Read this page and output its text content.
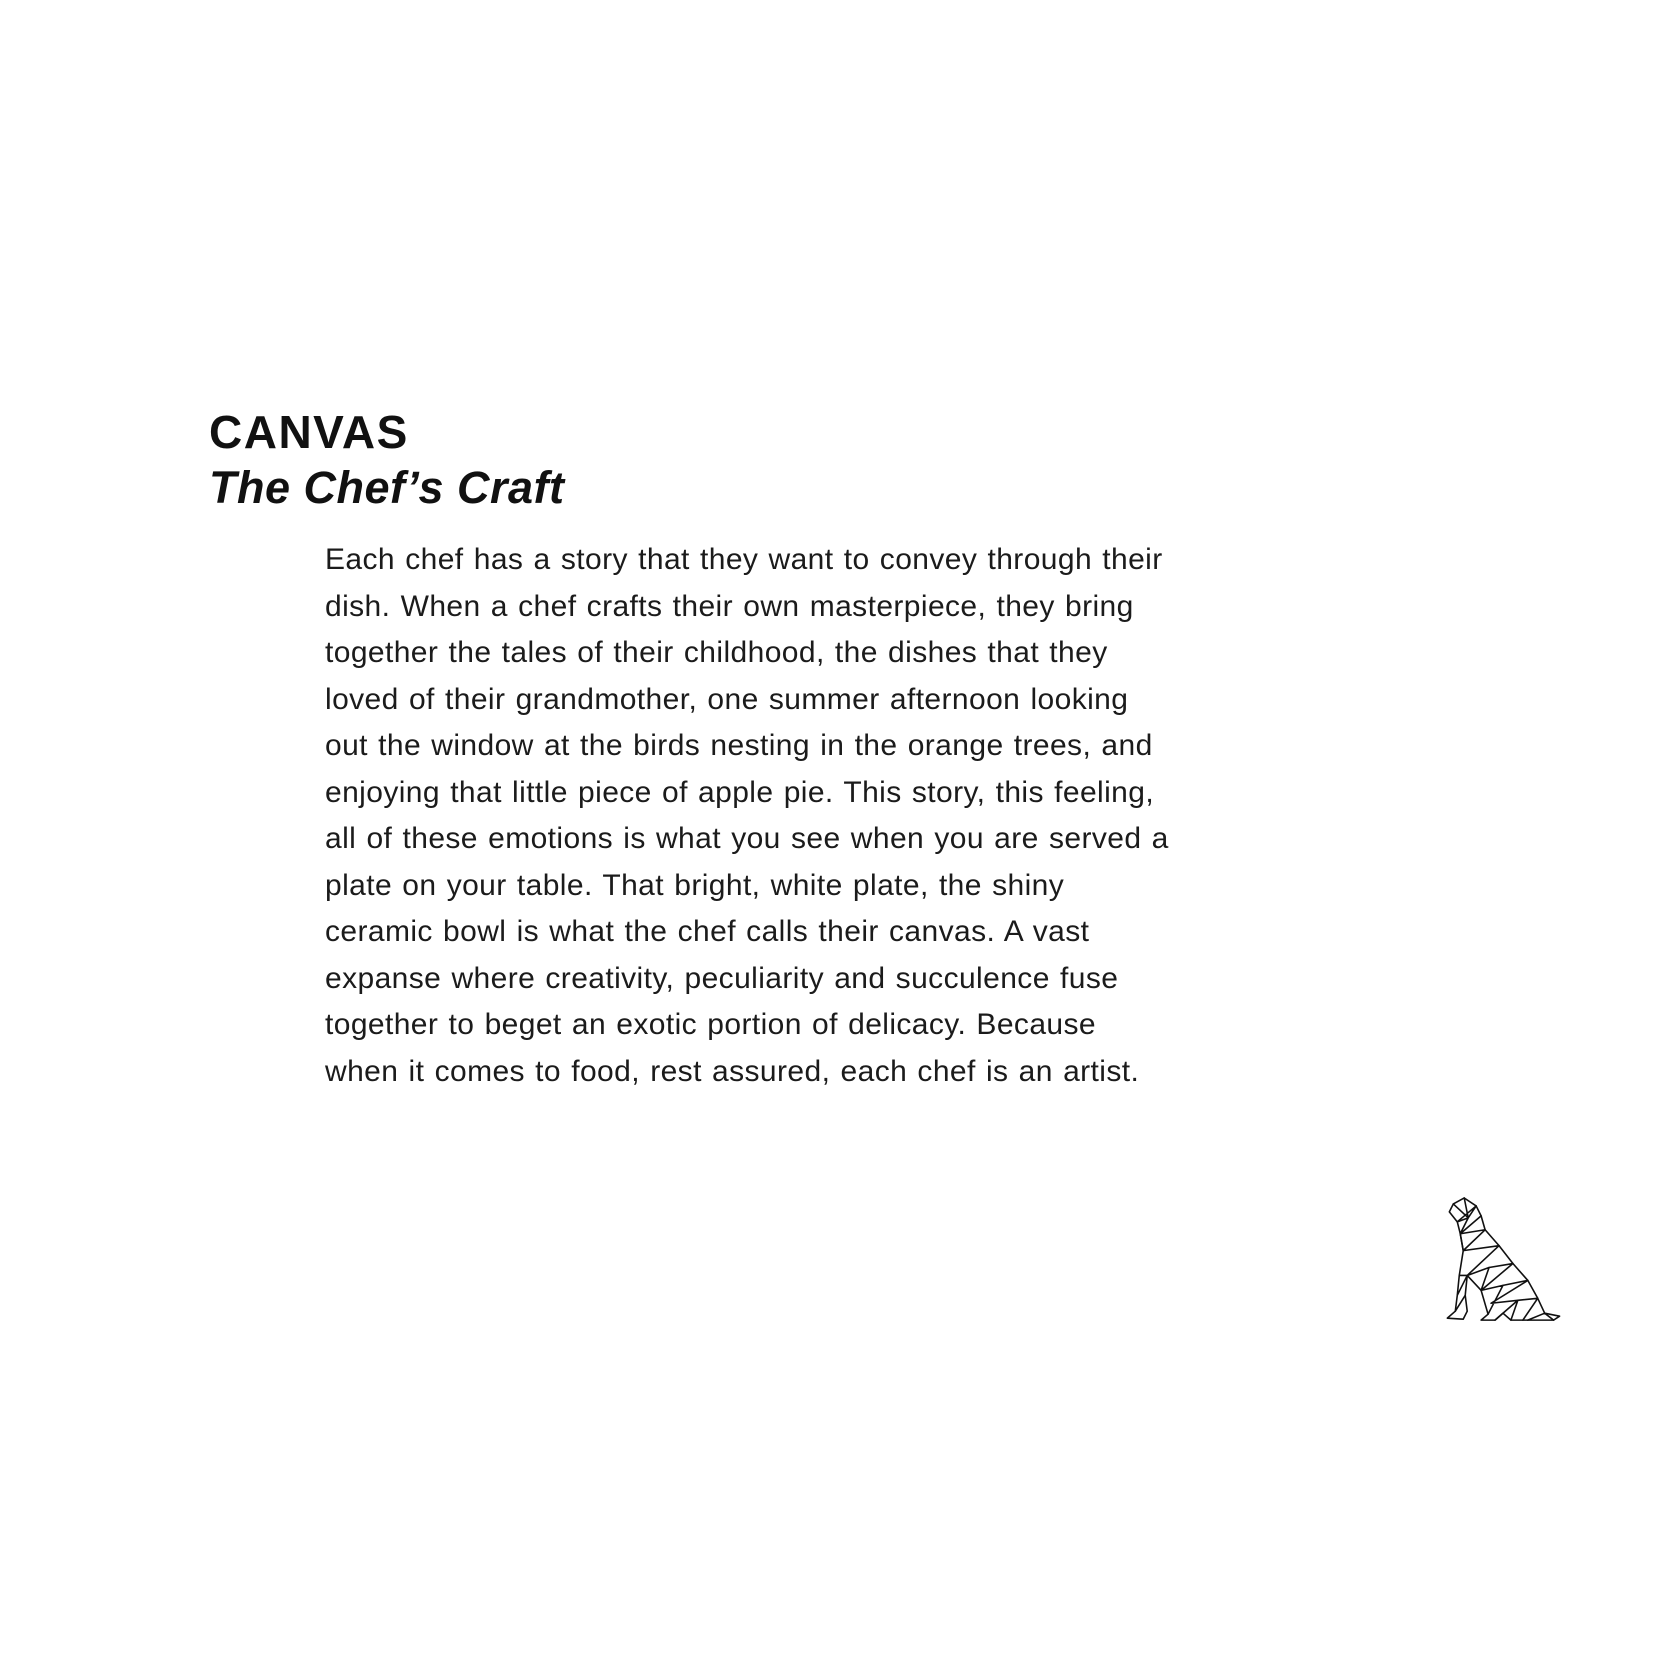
CANVAS
The Chef’s Craft

Each chef has a story that they want to convey through their dish. When a chef crafts their own masterpiece, they bring together the tales of their childhood, the dishes that they loved of their grandmother, one summer afternoon looking out the window at the birds nesting in the orange trees, and enjoying that little piece of apple pie. This story, this feeling, all of these emotions is what you see when you are served a plate on your table. That bright, white plate, the shiny ceramic bowl is what the chef calls their canvas. A vast expanse where creativity, peculiarity and succulence fuse together to beget an exotic portion of delicacy. Because when it comes to food, rest assured, each chef is an artist.
